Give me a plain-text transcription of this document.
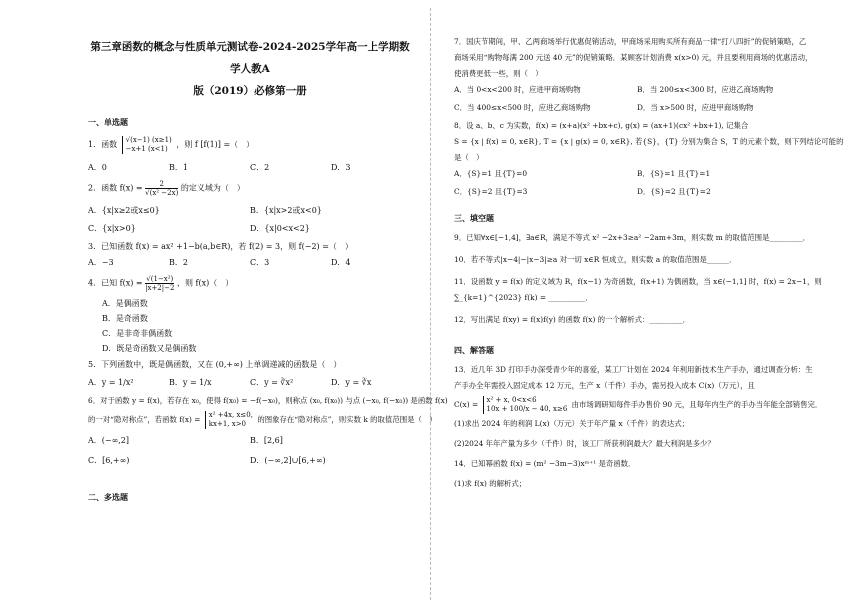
第三章函数的概念与性质单元测试卷-2024-2025学年高一上学期数学人教A
版（2019）必修第一册
一、单选题
1．函数 √(x−1) (x≥1)
−x+1 (x<1)	，则 f [f(1)] =（　）
A．0	B．1	C．2	D．3
2．函数 $f(x) = \frac{2}{\text{√(x² −2x)}}$ 的定义域为（　）
A．{x|x≥2或x≤0}	B．{x|x>2或x<0}
C．{x|x>0}	D．{x|0<x<2}
3．已知函数 f(x) = ax² +1−b(a,b∈R)，若 f(2) = 3，则 f(−2) =（　）
A．−3	B．2	C．3	D．4
4．已知 $f(x) = \frac{\text{√(1−x²)}}{|x+2|-2}$ ，则 f(x)（　）
A．是偶函数
B．是奇函数
C．是非奇非偶函数
D．既是奇函数又是偶函数
5．下列函数中，既是偶函数，又在 (0,+∞) 上单调递减的函数是（　）
A．y = 1/x²	B．y = 1/x	C．y = ∛x²	D．y = ∛x
6．对于函数 y = f(x)，若存在 x₀，使得 f(x₀) = −f(−x₀)，则称点 (x₀, f(x₀)) 与点 (−x₀, f(−x₀)) 是函数 f(x)
的一对“隐对称点”，若函数 f(x) = x² +4x, x≤0,
kx+1, x>0	的图象存在“隐对称点”，则实数 k 的取值范围是（　）
A．(−∞,2]	B．[2,6]
C．[6,+∞)	D．(−∞,2]∪[6,+∞)
二、多选题
7．国庆节期间，甲、乙两商场举行优惠促销活动，甲商场采用购买所有商品一律“打八四折”的促销策略，乙
商场采用“购物每满 200 元送 40 元”的促销策略．某顾客计划消费 x(x>0) 元，并且要利用商场的优惠活动，
使消费更低一些，则（　）
A．当 0<x<200 时，应进甲商场购物	B．当 200≤x<300 时，应进乙商场购物
C．当 400≤x<500 时，应进乙商场购物	D．当 x>500 时，应进甲商场购物
8．设 a、b、c 为实数，f(x) = (x+a)(x² +bx+c), g(x) = (ax+1)(cx² +bx+1), 记集合
S = {x | f(x) = 0, x∈R}, T = {x | g(x) = 0, x∈R}, 若{S}，{T} 分别为集合 S，T 的元素个数，则下列结论可能的
是（　）
A．{S}=1 且{T}=0	B．{S}=1 且{T}=1
C．{S}=2 且{T}=3	D．{S}=2 且{T}=2
三、填空题
9．已知∀x∈[−1,4]，∃a∈R，满足不等式 x² −2x+3≥a² −2am+3m，则实数 m 的取值范围是_________．
10．若不等式|x−4|−|x−3|≥a 对一切 x∈R 恒成立，则实数 a 的取值范围是______．
11．设函数 y = f(x) 的定义域为 R，f(x−1) 为奇函数，f(x+1) 为偶函数，当 x∈(−1,1] 时，f(x) = 2x−1，则
∑_{k=1}^{2023} f(k) = __________．
12．写出满足 f(xy) = f(x)f(y) 的函数 f(x) 的一个解析式：_________．
四、解答题
13．近几年 3D 打印手办深受青少年的喜爱，某工厂计划在 2024 年利用新技术生产手办，通过调查分析：生
产手办全年需投入固定成本 12 万元，生产 x（千件）手办，需另投入成本 C(x)（万元），且
C(x) = x² + x, 0<x<6
10x + 100/x − 40, x≥6 由市场调研知每件手办售价 90 元，且每年内生产的手办当年能全部销售完．
(1)求出 2024 年的利润 L(x)（万元）关于年产量 x（千件）的表达式；
(2)2024 年年产量为多少（千件）时，该工厂所获利润最大？最大利润是多少？
14．已知幂函数 f(x) = (m² −3m−3)xᵐ⁺¹ 是奇函数．
(1)求 f(x) 的解析式；
